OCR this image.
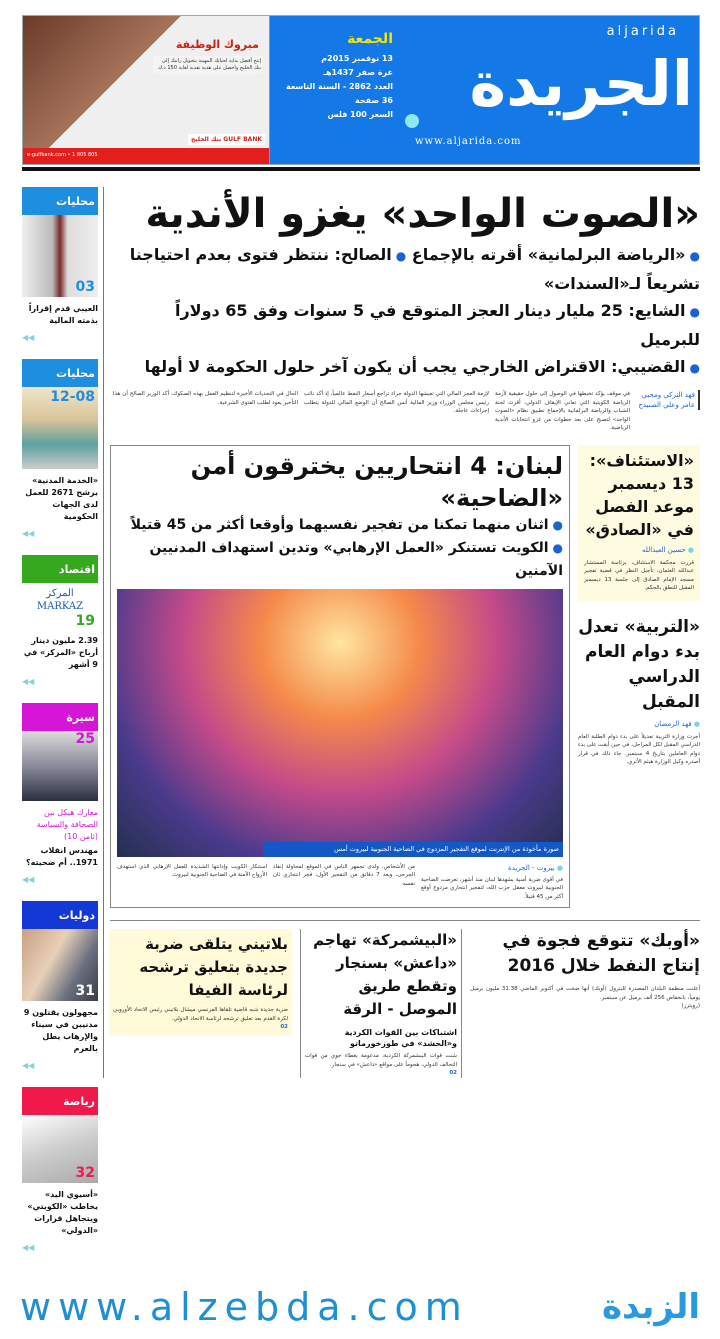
مبروك الوظيفة
إنتج أفضل بداية لحياتك المهنية بتحويل راتبك إلى بنك الخليج واحصل على هدية نقدية لغاية 150 د.ك
بنك الخليج GULF BANK
e-gulfbank.com • 1 805 805
الجمعة
13 نوفمبر 2015م
غرة صفر 1437هـ
العدد 2862 - السنة التاسعة
36 صفحة
السعر 100 فلس
aljarida
الجريدة
www.aljarida.com
محليات
03
العيبي قدم إقراراً بذمته المالية
◀◀
محليات
12-08
«الخدمة المدنية» يرشح 2671 للعمل لدى الجهات الحكومية
◀◀
اقتصاد
المركز MARKAZ
19
2.39 مليون دينار أرباح «المركز» في 9 أشهر
◀◀
سيرة
25
معارك هيكل بين الصحافة والسياسة (ثامن 10)
مهندس انقلاب 1971.. أم ضحيته؟
◀◀
دوليات
31
مجهولون يقتلون 9 مدنيين في سيناء والإرهاب يطل بالعرم
◀◀
رياضة
32
«أسيوي اليد» يخاطب «الكويتي» ويتجاهل قرارات «الدولي»
◀◀
«الصوت الواحد» يغزو الأندية
●«الرياضة البرلمانية» أقرته بالإجماع ●الصالح: ننتظر فتوى بعدم احتياجنا تشريعاً لـ«السندات»
●الشايع: 25 مليار دينار العجز المتوقع في 5 سنوات وفق 65 دولاراً للبرميل
●القضيبي: الاقتراض الخارجي يجب أن يكون آخر حلول الحكومة لا أولها
فهد التركي ومحيي عامر وعلي الصنيدح
في موقف يؤكد تخبطها في الوصول إلى حلول حقيقية لأزمة الرياضة الكويتية التي تعاني الإيقاف الدولي، أقرت لجنة الشباب والرياضة البرلمانية بالإجماع تطبيق نظام «الصوت الواحد» لتصبح على بعد خطوات من غزو انتخابات الأندية الرياضية.
لإزمة العجز المالي التي تعيشها الدولة جراء تراجع أسعار النفط عالمياً، إذ أكد نائب رئيس مجلس الوزراء وزير المالية أنس الصالح أن الوضع المالي للدولة يتطلب إجراءات عاجلة.
الحال في التحديات الأخيرة لتنظيم العمل بهذه الصكوك، أكد الوزير الصالح أن هذا التأخير يعود لطلب الفتوى الشرعية.
«الاستئناف»: 13 ديسمبر موعد الفصل في «الصادق»
● حسين العبدالله
قررت محكمة الاستئناف، برئاسة المستشار عبدالله العثمان، تأجيل النظر في قضية تفجير مسجد الإمام الصادق إلى جلسة 13 ديسمبر المقبل للنطق بالحكم.
«التربية» تعدل بدء دوام العام الدراسي المقبل
● فهد الرمضان
أجرت وزارة التربية تعديلاً على بدء دوام الطلبة العام الدراسي المقبل لكل المراحل، في حين أبقت على بدء دوام العاملين بتاريخ 4 سبتمبر. جاء ذلك في قرار أصدره وكيل الوزارة هيثم الأثري.
لبنان: 4 انتحاريين يخترقون أمن «الضاحية»
●اثنان منهما تمكنا من تفجير نفسيهما وأوقعا أكثر من 45 قتيلاً
●الكويت تستنكر «العمل الإرهابي» وتدين استهداف المدنيين الآمنين
صورة مأخوذة من الإنترنت لموقع التفجير المزدوج في الضاحية الجنوبية لبيروت أمس
● بيروت - الجريدة
في أقوى ضربة أمنية يشهدها لبنان منذ أشهر، تعرضت الضاحية الجنوبية لبيروت معقل حزب الله، لتفجير انتحاري مزدوج أوقع أكثر من 45 قتيلاً.
من الأشخاص، ولدى تجمهر الناس في الموقع لمحاولة إنقاذ الجرحى، وبعد 7 دقائق من التفجير الأول، فجر انتحاري ثان نفسه.
استنكار الكويت وإدانتها الشديدة للعمل الإرهابي الذي استهدف الأرواح الآمنة في الضاحية الجنوبية لبيروت.
«أوبك» تتوقع فجوة في إنتاج النفط خلال 2016
أعلنت منظمة البلدان المصدرة للبترول (أوبك) أنها ضخت في أكتوبر الماضي 31.38 مليون برميل يومياً، بانخفاض 256 ألف برميل عن سبتمبر.
(رويترز)
«البيشمركة» تهاجم «داعش» بسنجار وتقطع طريق الموصل - الرقة
اشتباكات بين القوات الكردية و«الحشد» في طوزخورماتو
شنت قوات البيشمركة الكردية، مدعومة بغطاء جوي من قوات التحالف الدولي، هجوماً على مواقع «داعش» في سنجار.
02
بلاتيني يتلقى ضربة جديدة بتعليق ترشحه لرئاسة الفيفا
ضربة جديدة شبه قاضية تلقاها الفرنسي ميشال بلاتيني رئيس الاتحاد الأوروبي لكرة القدم بعد تعليق ترشحه لرئاسة الاتحاد الدولي.
02
www.alzebda.com	الزبدة
